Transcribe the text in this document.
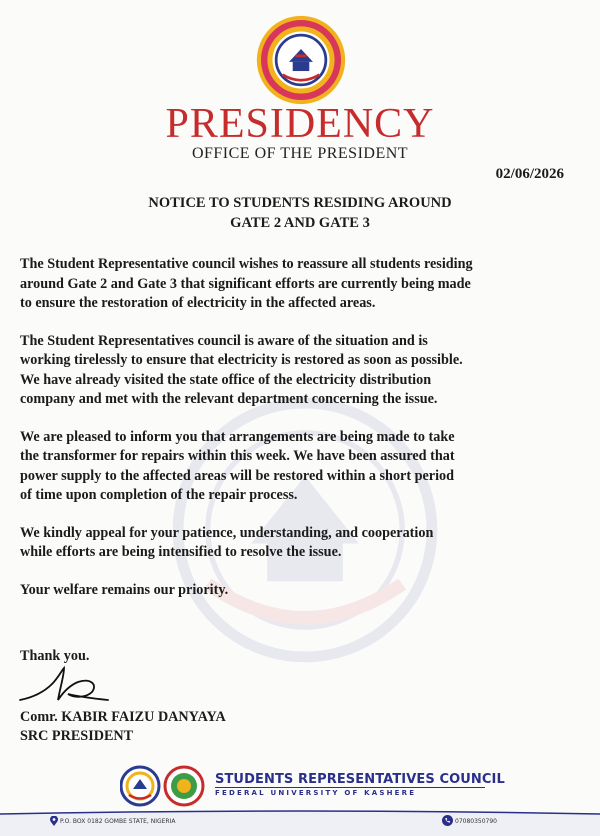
PRESIDENCY
OFFICE OF THE PRESIDENT
02/06/2026
NOTICE TO STUDENTS RESIDING AROUND
GATE 2 AND GATE 3
The Student Representative council wishes to reassure all students residing
around Gate 2 and Gate 3 that significant efforts are currently being made
to ensure the restoration of electricity in the affected areas.
The Student Representatives council is aware of the situation and is
working tirelessly to ensure that electricity is restored as soon as possible.
We have already visited the state office of the electricity distribution
company and met with the relevant department concerning the issue.
We are pleased to inform you that arrangements are being made to take
the transformer for repairs within this week. We have been assured that
power supply to the affected areas will be restored within a short period
of time upon completion of the repair process.
We kindly appeal for your patience, understanding, and cooperation
while efforts are being intensified to resolve the issue.
Your welfare remains our priority.
Thank you.
Comr. KABIR FAIZU DANYAYA
SRC PRESIDENT
STUDENTS REPRESENTATIVES COUNCIL
FEDERAL UNIVERSITY OF KASHERE
P.O. BOX 0182 GOMBE STATE, NIGERIA	07080350790
